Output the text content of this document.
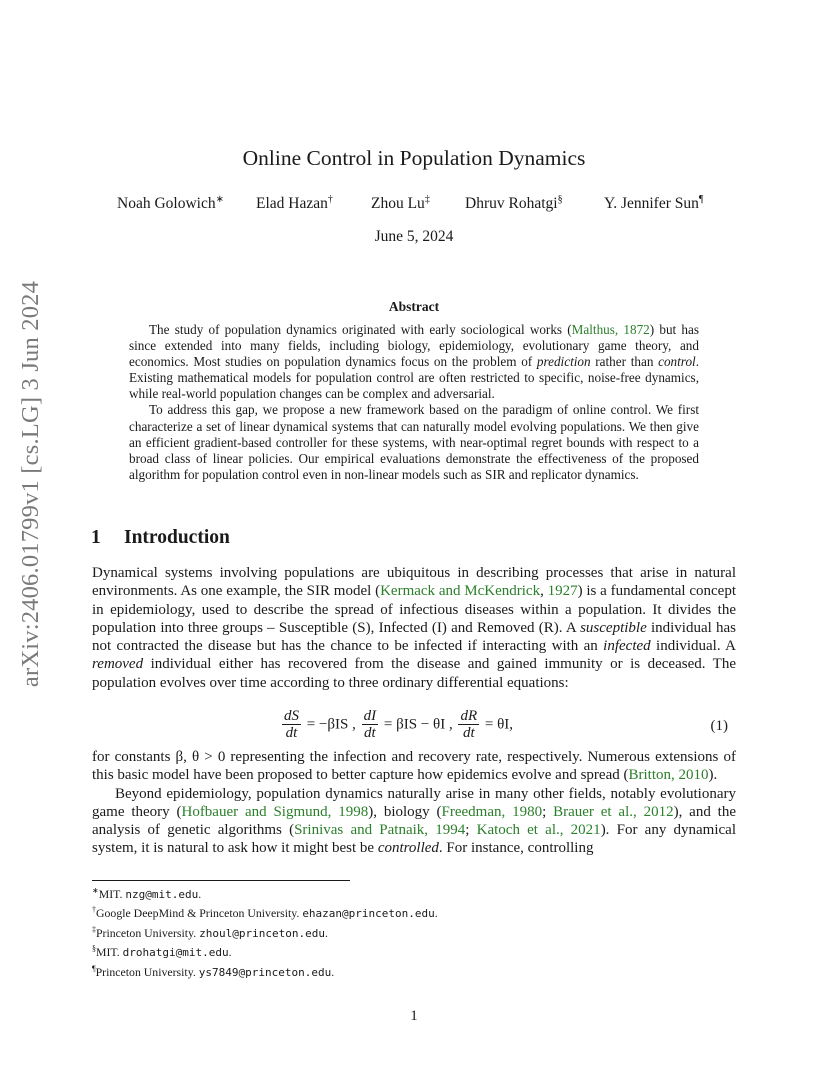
arXiv:2406.01799v1 [cs.LG] 3 Jun 2024
Online Control in Population Dynamics
Noah Golowich∗ Elad Hazan† Zhou Lu‡ Dhruv Rohatgi§	Y. Jennifer Sun¶
June 5, 2024
Abstract

The study of population dynamics originated with early sociological works (Malthus, 1872) but has since extended into many fields, including biology, epidemiology, evolutionary game theory, and economics. Most studies on population dynamics focus on the problem of prediction rather than control. Existing mathematical models for population control are often restricted to specific, noise-free dynamics, while real-world population changes can be complex and adversarial.

To address this gap, we propose a new framework based on the paradigm of online control. We first characterize a set of linear dynamical systems that can naturally model evolving populations. We then give an efficient gradient-based controller for these systems, with near-optimal regret bounds with respect to a broad class of linear policies. Our empirical evaluations demonstrate the effectiveness of the proposed algorithm for population control even in non-linear models such as SIR and replicator dynamics.

1 Introduction

Dynamical systems involving populations are ubiquitous in describing processes that arise in natural environments. As one example, the SIR model (Kermack and McKendrick, 1927) is a fundamental concept in epidemiology, used to describe the spread of infectious diseases within a population. It divides the population into three groups – Susceptible (S), Infected (I) and Removed (R). A susceptible individual has not contracted the disease but has the chance to be infected if interacting with an infected individual. A removed individual either has recovered from the disease and gained immunity or is deceased. The population evolves over time according to three ordinary differential equations:

$\frac{dS}{dt} = -\beta IS$ , $\frac{dI}{dt} = \beta IS - \theta I$ , $\frac{dR}{dt} = \theta I$,	(1)

for constants β, θ > 0 representing the infection and recovery rate, respectively. Numerous extensions of this basic model have been proposed to better capture how epidemics evolve and spread (Britton, 2010).

Beyond epidemiology, population dynamics naturally arise in many other fields, notably evolutionary game theory (Hofbauer and Sigmund, 1998), biology (Freedman, 1980; Brauer et al., 2012), and the analysis of genetic algorithms (Srinivas and Patnaik, 1994; Katoch et al., 2021). For any dynamical system, it is natural to ask how it might best be controlled. For instance, controlling

∗MIT. nzg@mit.edu.
†Google DeepMind & Princeton University. ehazan@princeton.edu.
‡Princeton University. zhoul@princeton.edu.
§MIT. drohatgi@mit.edu.
¶Princeton University. ys7849@princeton.edu.
1
